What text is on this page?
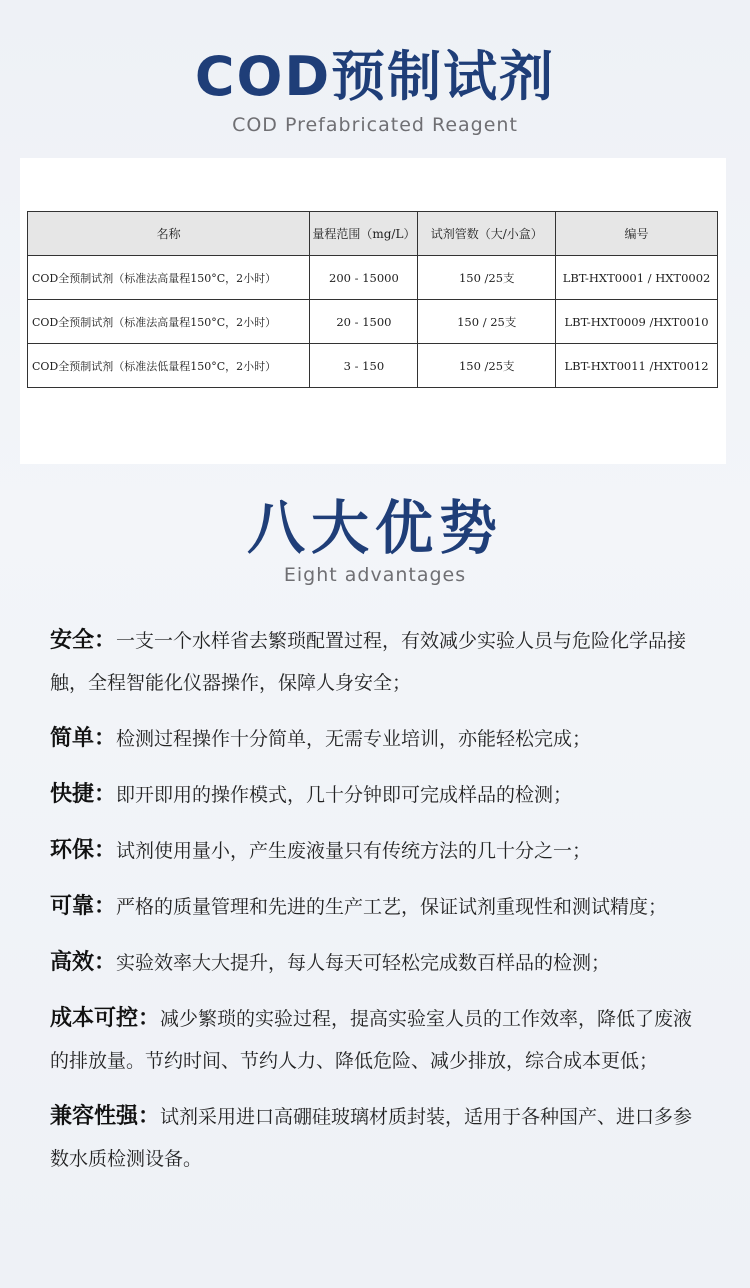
COD预制试剂
COD Prefabricated Reagent
名称	量程范围（mg/L）	试剂管数（大/小盒）	编号
COD全预制试剂（标准法高量程150°C，2小时）	200 - 15000	150 /25支	LBT-HXT0001 / HXT0002
COD全预制试剂（标准法高量程150°C，2小时）	20 - 1500	150 / 25支	LBT-HXT0009 /HXT0010
COD全预制试剂（标准法低量程150°C，2小时）	3 - 150	150 /25支	LBT-HXT0011 /HXT0012
八大优势
Eight advantages
安全：一支一个水样省去繁琐配置过程，有效减少实验人员与危险化学品接触，全程智能化仪器操作，保障人身安全；
简单：检测过程操作十分简单，无需专业培训，亦能轻松完成；
快捷：即开即用的操作模式，几十分钟即可完成样品的检测；
环保：试剂使用量小，产生废液量只有传统方法的几十分之一；
可靠：严格的质量管理和先进的生产工艺，保证试剂重现性和测试精度；
高效：实验效率大大提升，每人每天可轻松完成数百样品的检测；
成本可控：减少繁琐的实验过程，提高实验室人员的工作效率，降低了废液的排放量。节约时间、节约人力、降低危险、减少排放，综合成本更低；
兼容性强：试剂采用进口高硼硅玻璃材质封装，适用于各种国产、进口多参数水质检测设备。
